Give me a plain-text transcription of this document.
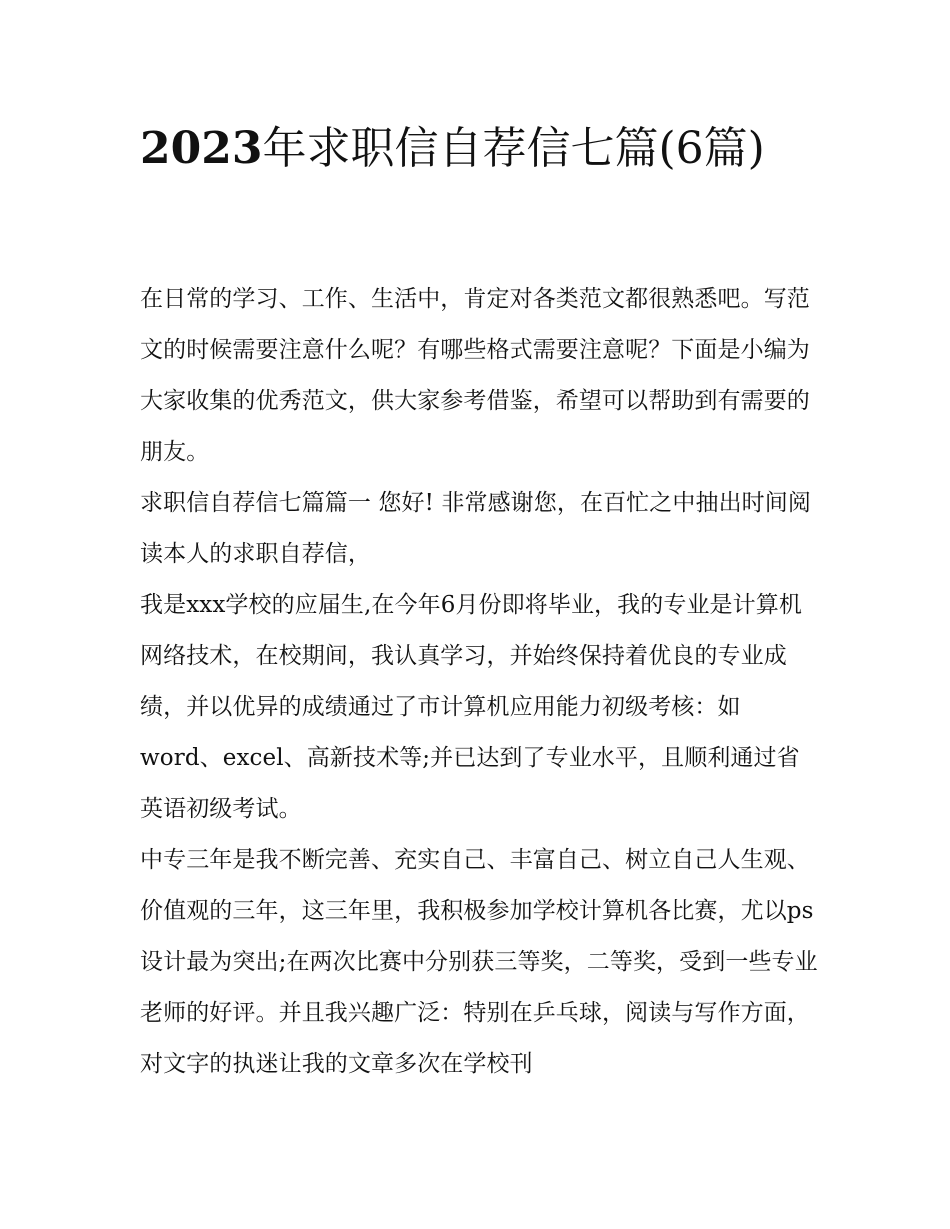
2023年求职信自荐信七篇(6篇)

在日常的学习、工作、生活中，肯定对各类范文都很熟悉吧。写范文的时候需要注意什么呢？有哪些格式需要注意呢？下面是小编为大家收集的优秀范文，供大家参考借鉴，希望可以帮助到有需要的朋友。

求职信自荐信七篇篇一 您好! 非常感谢您，在百忙之中抽出时间阅读本人的求职自荐信，

我是xxx学校的应届生,在今年6月份即将毕业，我的专业是计算机网络技术，在校期间，我认真学习，并始终保持着优良的专业成绩，并以优异的成绩通过了市计算机应用能力初级考核：如word、excel、高新技术等;并已达到了专业水平，且顺利通过省英语初级考试。

中专三年是我不断完善、充实自己、丰富自己、树立自己人生观、价值观的三年，这三年里，我积极参加学校计算机各比赛，尤以ps设计最为突出;在两次比赛中分别获三等奖，二等奖，受到一些专业老师的好评。并且我兴趣广泛：特别在乒乓球，阅读与写作方面，对文字的执迷让我的文章多次在学校刊
